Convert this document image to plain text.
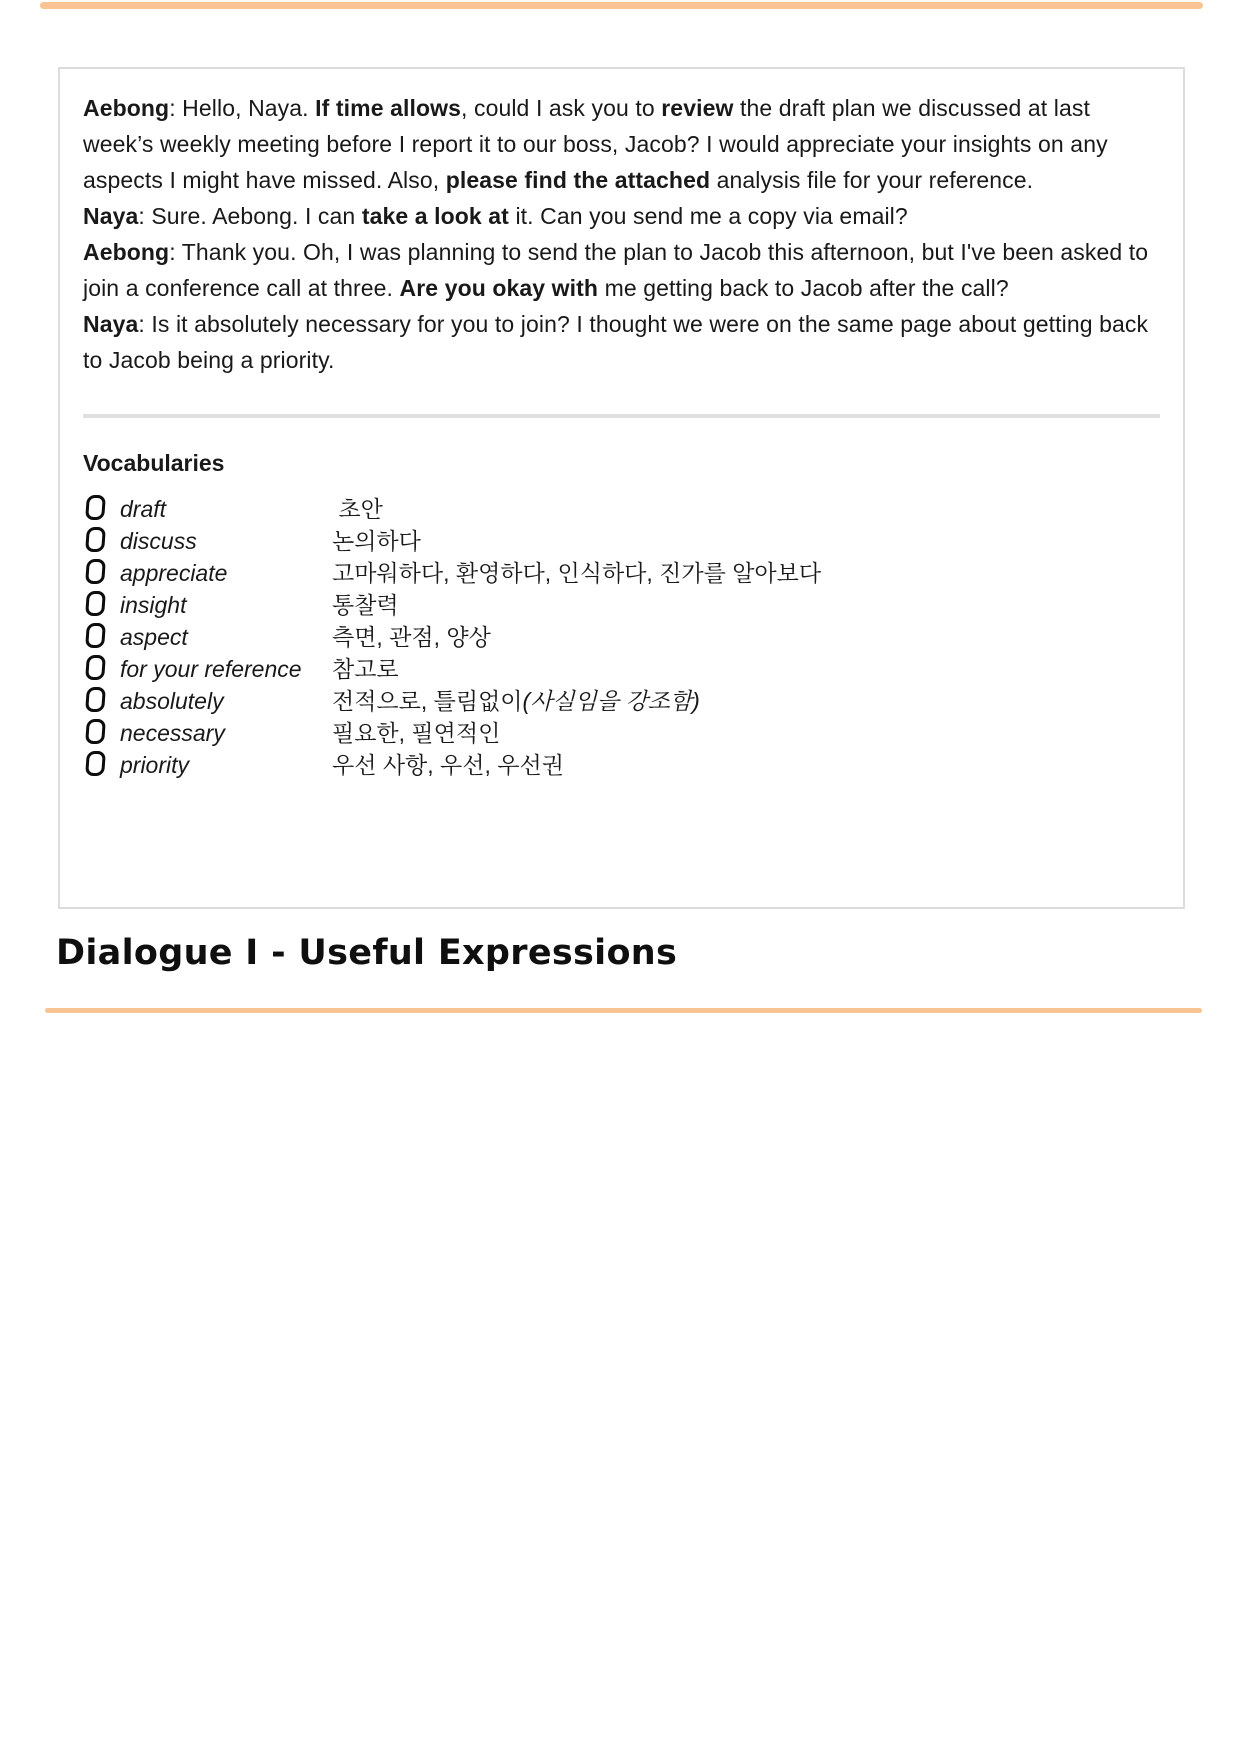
Aebong: Hello, Naya. If time allows, could I ask you to review the draft plan we discussed at last week’s weekly meeting before I report it to our boss, Jacob? I would appreciate your insights on any aspects I might have missed. Also, please find the attached analysis file for your reference.

Naya: Sure. Aebong. I can take a look at it. Can you send me a copy via email?

Aebong: Thank you. Oh, I was planning to send the plan to Jacob this afternoon, but I've been asked to join a conference call at three. Are you okay with me getting back to Jacob after the call?

Naya: Is it absolutely necessary for you to join? I thought we were on the same page about getting back to Jacob being a priority.

Vocabularies
draft	초안
discuss	논의하다
appreciate	고마워하다, 환영하다, 인식하다, 진가를 알아보다
insight	통찰력
aspect	측면, 관점, 양상
for your reference	참고로
absolutely	전적으로, 틀림없이(사실임을 강조함)
necessary	필요한, 필연적인
priority	우선 사항, 우선, 우선권
Dialogue I - Useful Expressions
